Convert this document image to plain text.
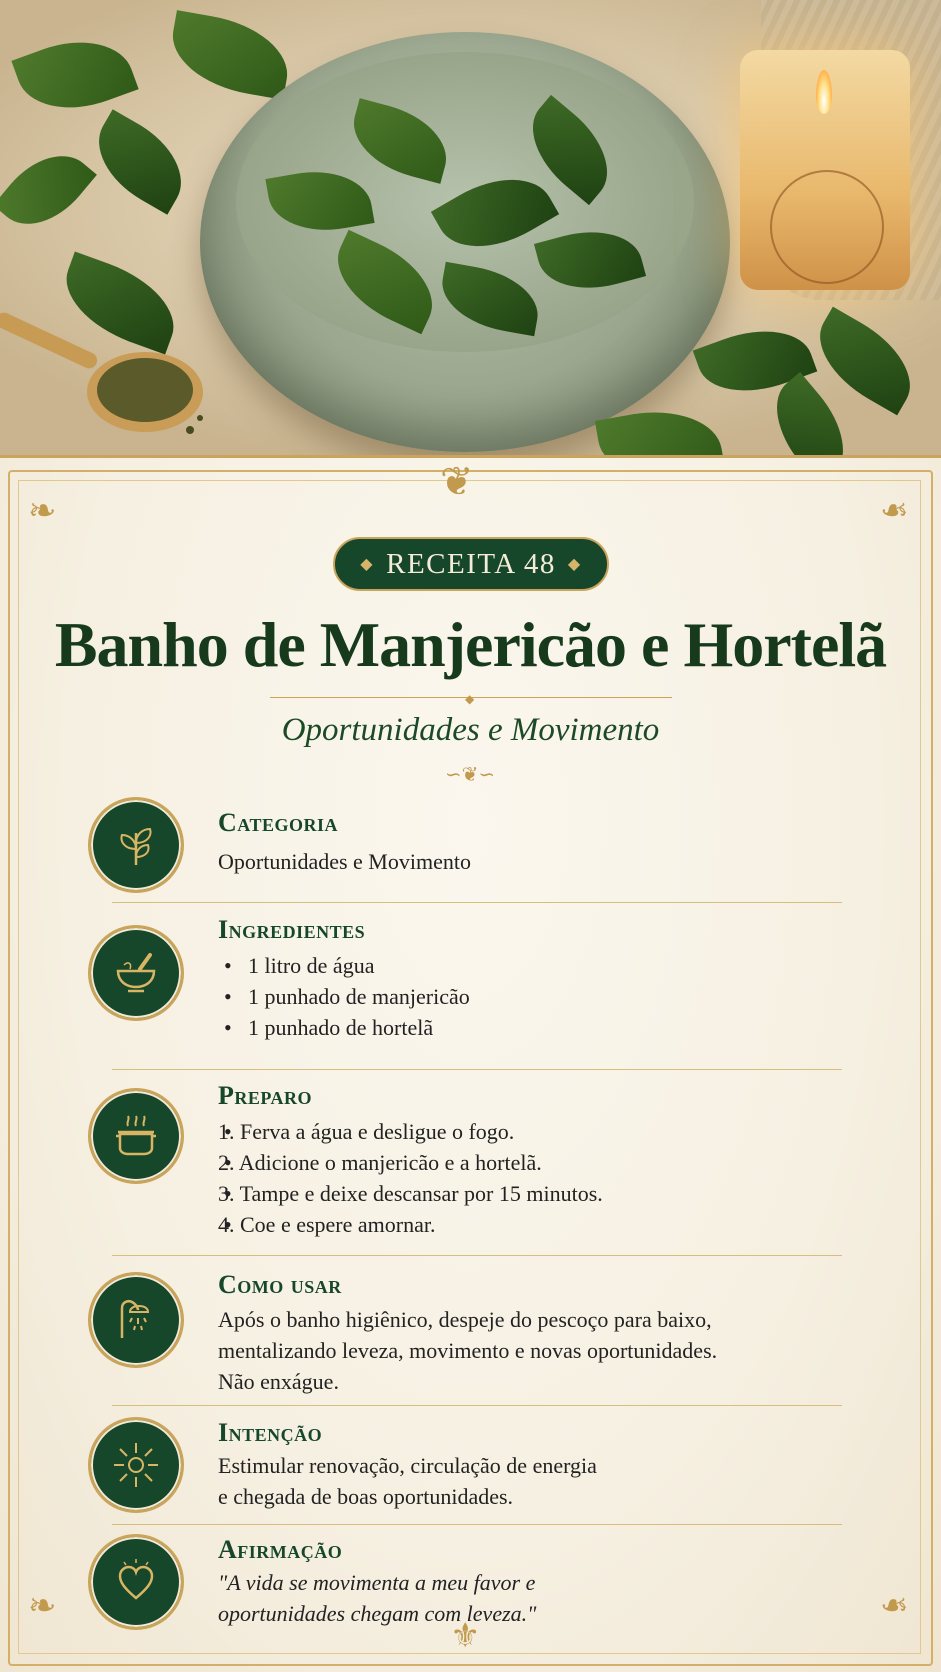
❦
❧	❧
❧	❧
⚜
◆ RECEITA 48 ◆
Banho de Manjericão e Hortelã
◆
Oportunidades e Movimento
∽❦∽
Categoria
Oportunidades e Movimento
Ingredientes
• 1 litro de água
• 1 punhado de manjericão
• 1 punhado de hortelã
Preparo
• 1. Ferva a água e desligue o fogo.
• 2. Adicione o manjericão e a hortelã.
• 3. Tampe e deixe descansar por 15 minutos.
• 4. Coe e espere amornar.
Como usar
Após o banho higiênico, despeje do pescoço para baixo,
mentalizando leveza, movimento e novas oportunidades.
Não enxágue.
Intenção
Estimular renovação, circulação de energia
e chegada de boas oportunidades.
Afirmação
"A vida se movimenta a meu favor e
oportunidades chegam com leveza."
